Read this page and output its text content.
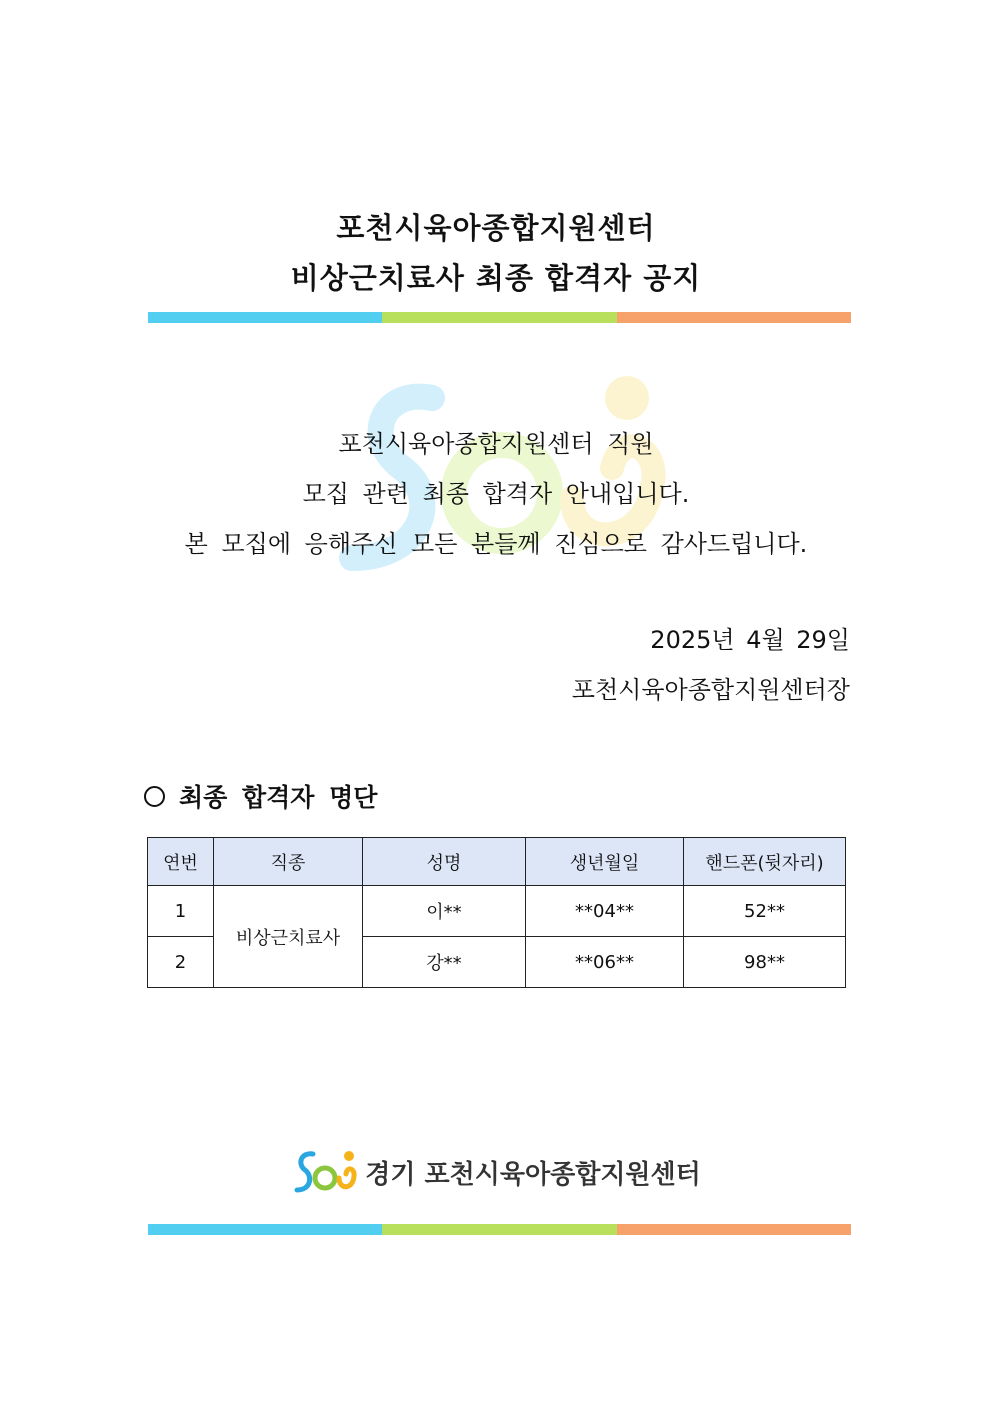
포천시육아종합지원센터
비상근치료사 최종 합격자 공지
포천시육아종합지원센터 직원
모집 관련 최종 합격자 안내입니다.
본 모집에 응해주신 모든 분들께 진심으로 감사드립니다.
2025년 4월 29일
포천시육아종합지원센터장
최종 합격자 명단
연번	직종	성명	생년월일	핸드폰(뒷자리)
1	비상근치료사	이**	**04**	52**
2		강**	**06**	98**
경기 포천시육아종합지원센터
